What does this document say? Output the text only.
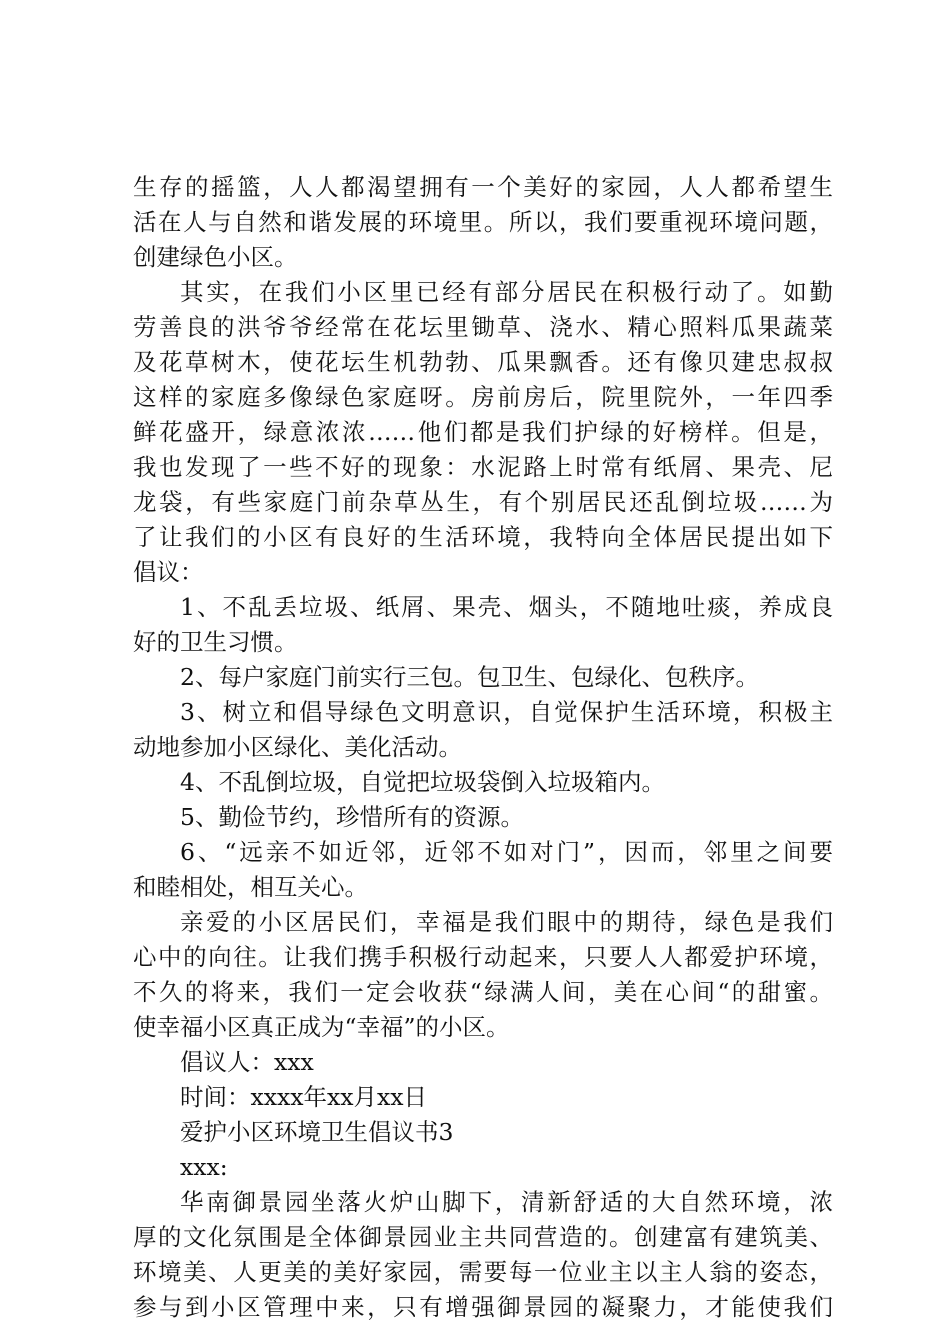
生存的摇篮，人人都渴望拥有一个美好的家园，人人都希望生
活在人与自然和谐发展的环境里。所以，我们要重视环境问题，
创建绿色小区。
其实，在我们小区里已经有部分居民在积极行动了。如勤
劳善良的洪爷爷经常在花坛里锄草、浇水、精心照料瓜果蔬菜
及花草树木，使花坛生机勃勃、瓜果飘香。还有像贝建忠叔叔
这样的家庭多像绿色家庭呀。房前房后，院里院外，一年四季
鲜花盛开，绿意浓浓……他们都是我们护绿的好榜样。但是，
我也发现了一些不好的现象：水泥路上时常有纸屑、果壳、尼
龙袋，有些家庭门前杂草丛生，有个别居民还乱倒垃圾……为
了让我们的小区有良好的生活环境，我特向全体居民提出如下
倡议：
1、不乱丢垃圾、纸屑、果壳、烟头，不随地吐痰，养成良
好的卫生习惯。
2、每户家庭门前实行三包。包卫生、包绿化、包秩序。
3、树立和倡导绿色文明意识，自觉保护生活环境，积极主
动地参加小区绿化、美化活动。
4、不乱倒垃圾，自觉把垃圾袋倒入垃圾箱内。
5、勤俭节约，珍惜所有的资源。
6、“远亲不如近邻，近邻不如对门”，因而，邻里之间要
和睦相处，相互关心。
亲爱的小区居民们，幸福是我们眼中的期待，绿色是我们
心中的向往。让我们携手积极行动起来，只要人人都爱护环境，
不久的将来，我们一定会收获“绿满人间，美在心间“的甜蜜。
使幸福小区真正成为“幸福”的小区。
倡议人：xxx
时间：xxxx年xx月xx日
爱护小区环境卫生倡议书3
xxx:
华南御景园坐落火炉山脚下，清新舒适的大自然环境，浓
厚的文化氛围是全体御景园业主共同营造的。创建富有建筑美、
环境美、人更美的美好家园，需要每一位业主以主人翁的姿态，
参与到小区管理中来，只有增强御景园的凝聚力，才能使我们
